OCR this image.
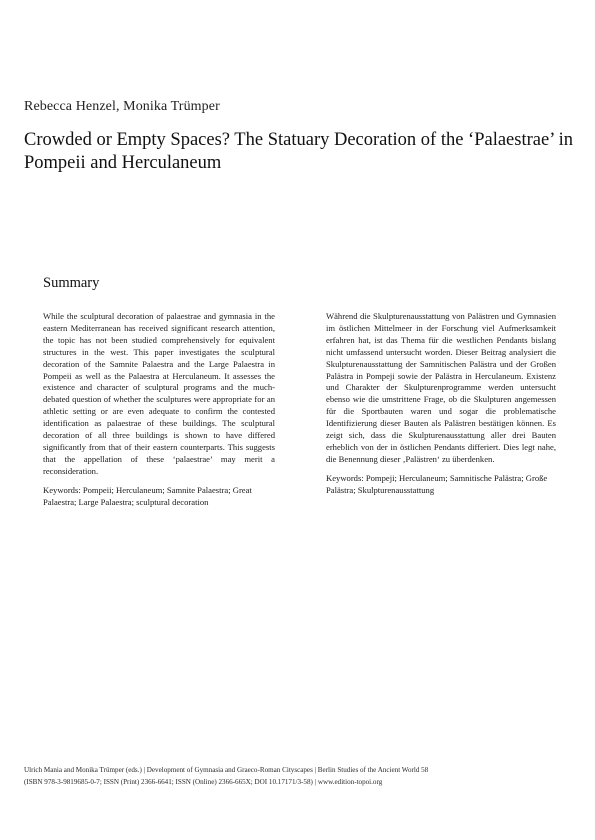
Rebecca Henzel, Monika Trümper
Crowded or Empty Spaces? The Statuary Decoration of the ‘Palaestrae’ in Pompeii and Herculaneum
Summary

While the sculptural decoration of palaestrae and gymnasia in the eastern Mediterranean has received significant research attention, the topic has not been studied comprehensively for equivalent structures in the west. This paper investigates the sculptural decoration of the Samnite Palaestra and the Large Palaestra in Pompeii as well as the Palaestra at Herculaneum. It assesses the existence and character of sculptural programs and the much-debated question of whether the sculptures were appropriate for an athletic setting or are even adequate to confirm the contested identification as palaestrae of these buildings. The sculptural decoration of all three buildings is shown to have differed significantly from that of their eastern counterparts. This suggests that the appellation of these ‘palaestrae’ may merit a reconsideration.

Keywords: Pompeii; Herculaneum; Samnite Palaestra; Great Palaestra; Large Palaestra; sculptural decoration

Während die Skulpturenausstattung von Palästren und Gymnasien im östlichen Mittelmeer in der Forschung viel Aufmerksamkeit erfahren hat, ist das Thema für die westlichen Pendants bislang nicht umfassend untersucht worden. Dieser Beitrag analysiert die Skulpturenausstattung der Samnitischen Palästra und der Großen Palästra in Pompeji sowie der Palästra in Herculaneum. Existenz und Charakter der Skulpturenprogramme werden untersucht ebenso wie die umstrittene Frage, ob die Skulpturen angemessen für die Sportbauten waren und sogar die problematische Identifizierung dieser Bauten als Palästren bestätigen können. Es zeigt sich, dass die Skulpturenausstattung aller drei Bauten erheblich von der in östlichen Pendants differiert. Dies legt nahe, die Benennung dieser ‚Palästren‘ zu überdenken.

Keywords: Pompeji; Herculaneum; Samnitische Palästra; Große Palästra; Skulpturenausstattung

Ulrich Mania and Monika Trümper (eds.) | Development of Gymnasia and Graeco-Roman Cityscapes | Berlin Studies of the Ancient World 58
(ISBN 978-3-9819685-0-7; ISSN (Print) 2366-6641; ISSN (Online) 2366-665X; DOI 10.17171/3-58) | www.edition-topoi.org
